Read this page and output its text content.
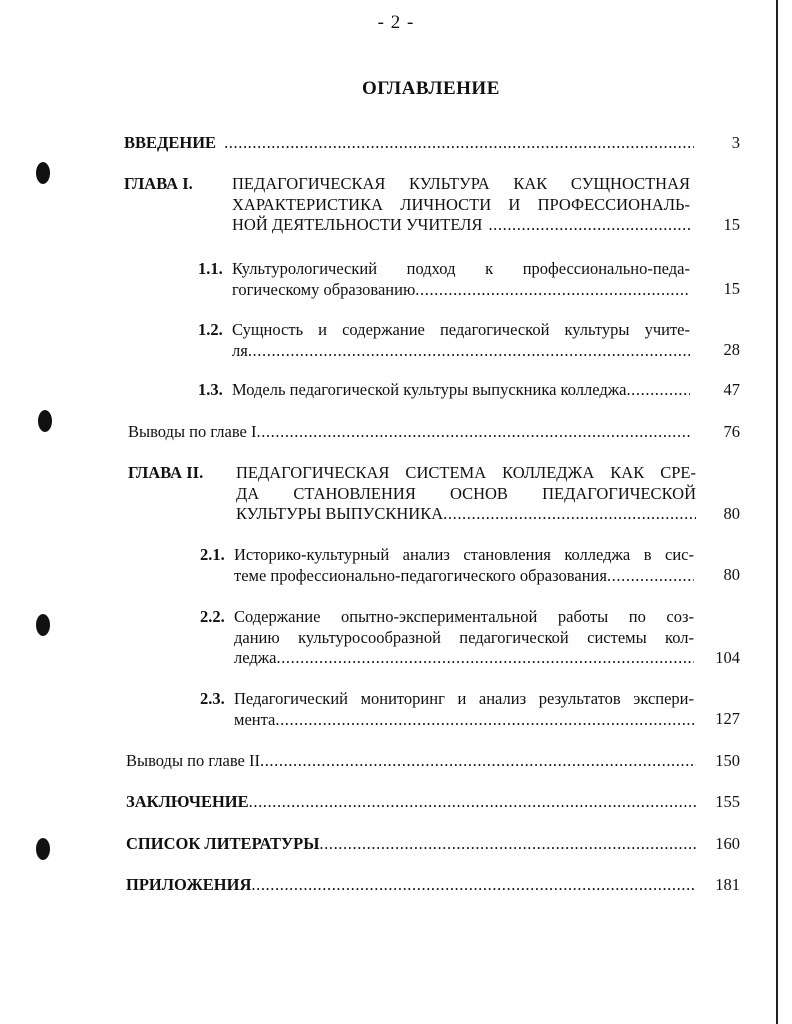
- 2 -
ОГЛАВЛЕНИЕ
ВВЕДЕНИЕ .....	3
ГЛАВА I. ПЕДАГОГИЧЕСКАЯ КУЛЬТУРА КАК СУЩНОСТНАЯ
ХАРАКТЕРИСТИКА ЛИЧНОСТИ И ПРОФЕССИОНАЛЬ-
НОЙ ДЕЯТЕЛЬНОСТИ УЧИТЕЛЯ .....	15
1.1. Культурологический подход к профессионально-педа-
гогическому образованию .....	15
1.2. Сущность и содержание педагогической культуры учите-
ля .....	28
1.3. Модель педагогической культуры выпускника колледжа .....	47
Выводы по главе I .....	76
ГЛАВА II. ПЕДАГОГИЧЕСКАЯ СИСТЕМА КОЛЛЕДЖА КАК СРЕ-
ДА СТАНОВЛЕНИЯ ОСНОВ ПЕДАГОГИЧЕСКОЙ
КУЛЬТУРЫ ВЫПУСКНИКА .....	80
2.1. Историко-культурный анализ становления колледжа в сис-
теме профессионально-педагогического образования .....	80
2.2. Содержание опытно-экспериментальной работы по соз-
данию культуросообразной педагогической системы кол-
леджа .....	104
2.3. Педагогический мониторинг и анализ результатов экспери-
мента .....	127
Выводы по главе II .....	150
ЗАКЛЮЧЕНИЕ .....	155
СПИСОК ЛИТЕРАТУРЫ .....	160
ПРИЛОЖЕНИЯ .....	181
